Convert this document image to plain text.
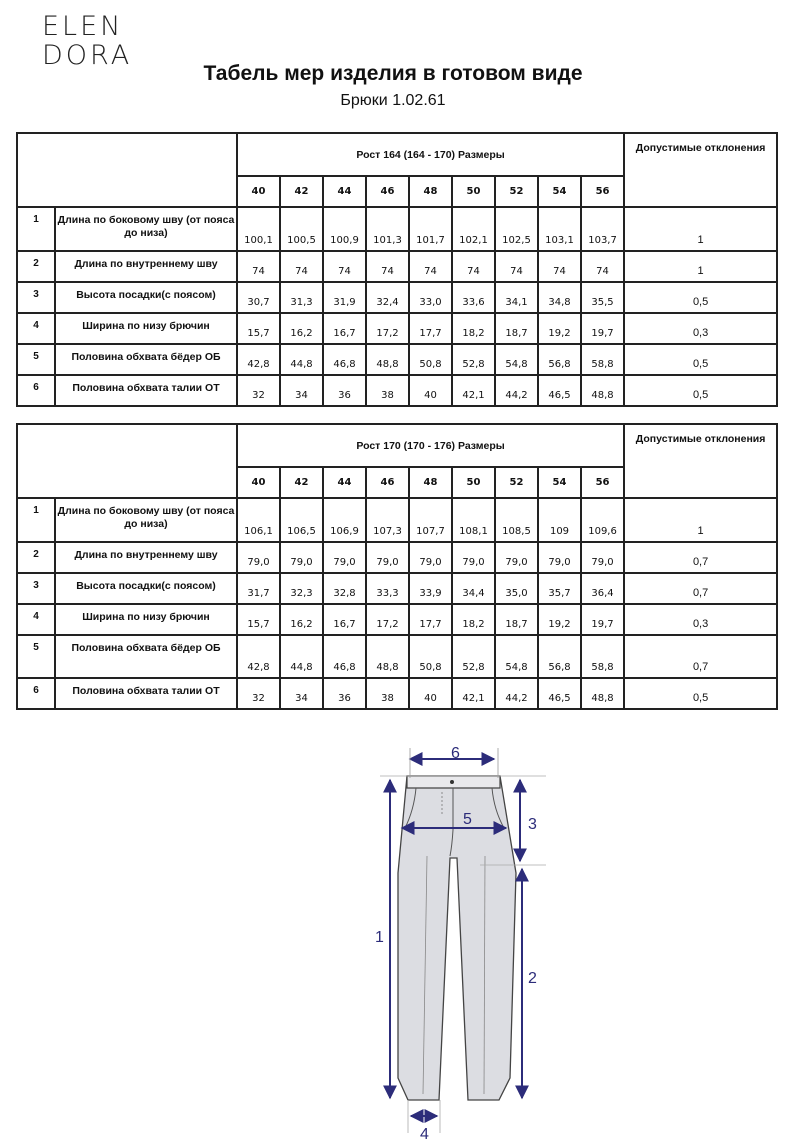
ELEN
DORA
Табель мер изделия в готовом виде
Брюки 1.02.61
		Рост 164 (164 - 170) Размеры									Допустимые отклонения
		40	42	44	46	48	50	52	54	56	
1	Длина по боковому шву (от пояса до низа)	100,1	100,5	100,9	101,3	101,7	102,1	102,5	103,1	103,7	1
2	Длина по внутреннему шву	74	74	74	74	74	74	74	74	74	1
3	Высота посадки(с поясом)	30,7	31,3	31,9	32,4	33,0	33,6	34,1	34,8	35,5	0,5
4	Ширина по низу брючин	15,7	16,2	16,7	17,2	17,7	18,2	18,7	19,2	19,7	0,3
5	Половина обхвата бёдер ОБ	42,8	44,8	46,8	48,8	50,8	52,8	54,8	56,8	58,8	0,5
6	Половина обхвата талии ОТ	32	34	36	38	40	42,1	44,2	46,5	48,8	0,5
		Рост 170 (170 - 176) Размеры									Допустимые отклонения
		40	42	44	46	48	50	52	54	56	
1	Длина по боковому шву (от пояса до низа)	106,1	106,5	106,9	107,3	107,7	108,1	108,5	109	109,6	1
2	Длина по внутреннему шву	79,0	79,0	79,0	79,0	79,0	79,0	79,0	79,0	79,0	0,7
3	Высота посадки(с поясом)	31,7	32,3	32,8	33,3	33,9	34,4	35,0	35,7	36,4	0,7
4	Ширина по низу брючин	15,7	16,2	16,7	17,2	17,7	18,2	18,7	19,2	19,7	0,3
5	Половина обхвата бёдер ОБ	42,8	44,8	46,8	48,8	50,8	52,8	54,8	56,8	58,8	0,7
6	Половина обхвата талии ОТ	32	34	36	38	40	42,1	44,2	46,5	48,8	0,5
6
5	3
2
1
4
